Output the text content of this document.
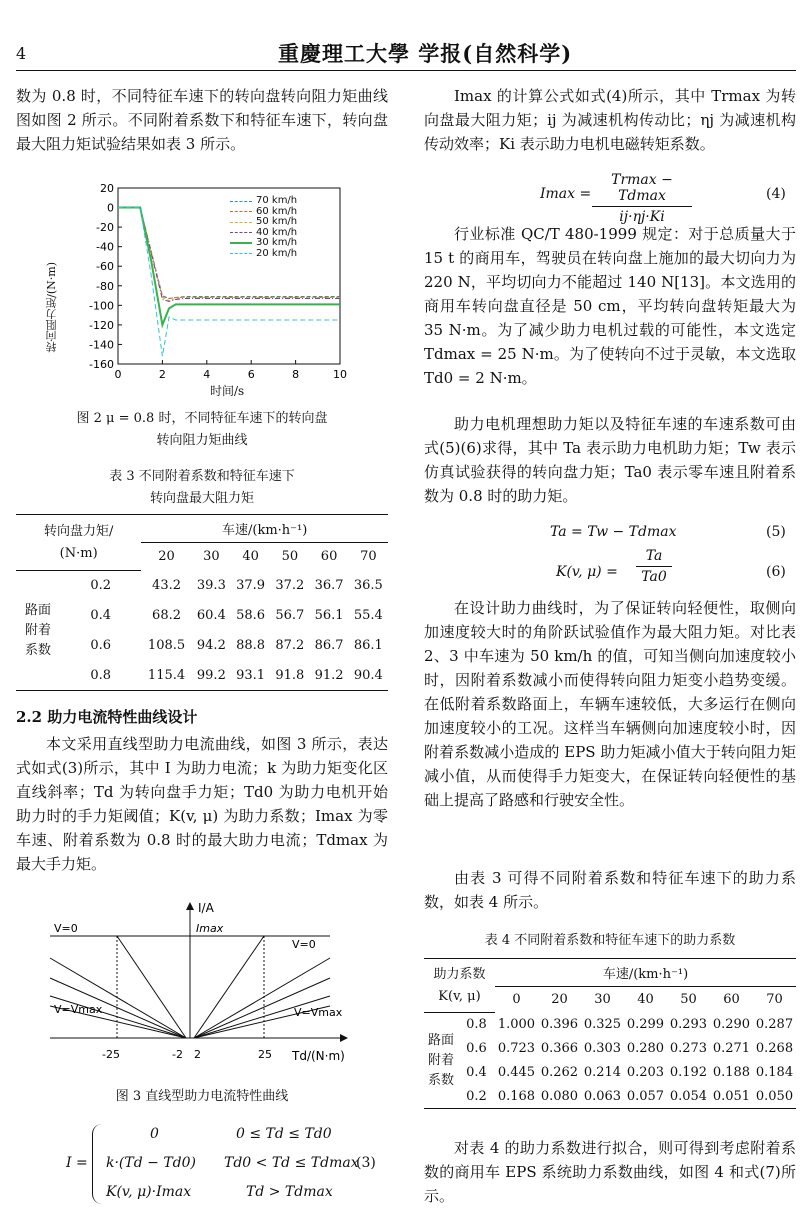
4	重慶理工大學 学报(自然科学)

数为 0.8 时，不同特征车速下的转向盘转向阻力矩曲线图如图 2 所示。不同附着系数下和特征车速下，转向盘最大阻力矩试验结果如表 3 所示。

20
0
-20
-40
-60
-80
-100
-120
-140
-160
0	2	4	6	8	10
70 km/h
60 km/h
50 km/h
40 km/h
30 km/h
20 km/h
转向阻力矩/(N·m)
时间/s
图 2 μ = 0.8 时，不同特征车速下的转向盘
转向阻力矩曲线
表 3 不同附着系数和特征车速下
转向盘最大阻力矩
转向盘力矩/
(N·m)		车速/(km·h⁻¹)					
		20	30	40	50	60	70

路面
附着
系数	0.2	43.2	39.3	37.9	37.2	36.7	36.5
	0.4	68.2	60.4	58.6	56.7	56.1	55.4
	0.6	108.5	94.2	88.8	87.2	86.7	86.1
	0.8	115.4	99.2	93.1	91.8	91.2	90.4
2.2 助力电流特性曲线设计
本文采用直线型助力电流曲线，如图 3 所示，表达式如式(3)所示，其中 I 为助力电流；k 为助力矩变化区直线斜率；Td 为转向盘手力矩；Td0 为助力电机开始助力时的手力矩阈值；K(v, μ) 为助力系数；Imax 为零车速、附着系数为 0.8 时的最大助力电流；Tdmax 为最大手力矩。
V=0
V=0
V=Vmax	V=Vmax
Imax
I/A
Td/(N·m)
-25	-2 2	25
图 3 直线型助力电流特性曲线
I =
0	0 ≤ Td ≤ Td0
k·(Td − Td0) Td0 < Td ≤ Tdmax
K(v, μ)·Imax	Td > Tdmax
(3)
Imax 的计算公式如式(4)所示，其中 Trmax 为转向盘最大阻力矩；ij 为减速机构传动比；ηj 为减速机构传动效率；Ki 表示助力电机电磁转矩系数。
Imax =
Trmax − Tdmax
ij·ηj·Ki
(4)
行业标准 QC/T 480-1999 规定：对于总质量大于 15 t 的商用车，驾驶员在转向盘上施加的最大切向力为 220 N，平均切向力不能超过 140 N[13]。本文选用的商用车转向盘直径是 50 cm，平均转向盘转矩最大为 35 N·m。为了减少助力电机过载的可能性，本文选定 Tdmax = 25 N·m。为了使转向不过于灵敏，本文选取 Td0 = 2 N·m。
助力电机理想助力矩以及特征车速的车速系数可由式(5)(6)求得，其中 Ta 表示助力电机助力矩；Tw 表示仿真试验获得的转向盘力矩；Ta0 表示零车速且附着系数为 0.8 时的助力矩。
Ta = Tw − Tdmax	(5)
K(v, $\mu) = \frac{Ta}{Ta0}$	(6)
在设计助力曲线时，为了保证转向轻便性，取侧向加速度较大时的角阶跃试验值作为最大阻力矩。对比表 2、3 中车速为 50 km/h 的值，可知当侧向加速度较小时，因附着系数减小而使得转向阻力矩变小趋势变缓。在低附着系数路面上，车辆车速较低，大多运行在侧向加速度较小的工况。这样当车辆侧向加速度较小时，因附着系数减小造成的 EPS 助力矩减小值大于转向阻力矩减小值，从而使得手力矩变大，在保证转向轻便性的基础上提高了路感和行驶安全性。
由表 3 可得不同附着系数和特征车速下的助力系数，如表 4 所示。
表 4 不同附着系数和特征车速下的助力系数
助力系数
K(v, μ)		车速/(km·h⁻¹)						
		0	20	30	40	50	60	70

路面
附着
系数	0.8	1.000	0.396	0.325	0.299	0.293	0.290	0.287
	0.6	0.723	0.366	0.303	0.280	0.273	0.271	0.268
	0.4	0.445	0.262	0.214	0.203	0.192	0.188	0.184
	0.2	0.168	0.080	0.063	0.057	0.054	0.051	0.050
对表 4 的助力系数进行拟合，则可得到考虑附着系数的商用车 EPS 系统助力系数曲线，如图 4 和式(7)所示。
